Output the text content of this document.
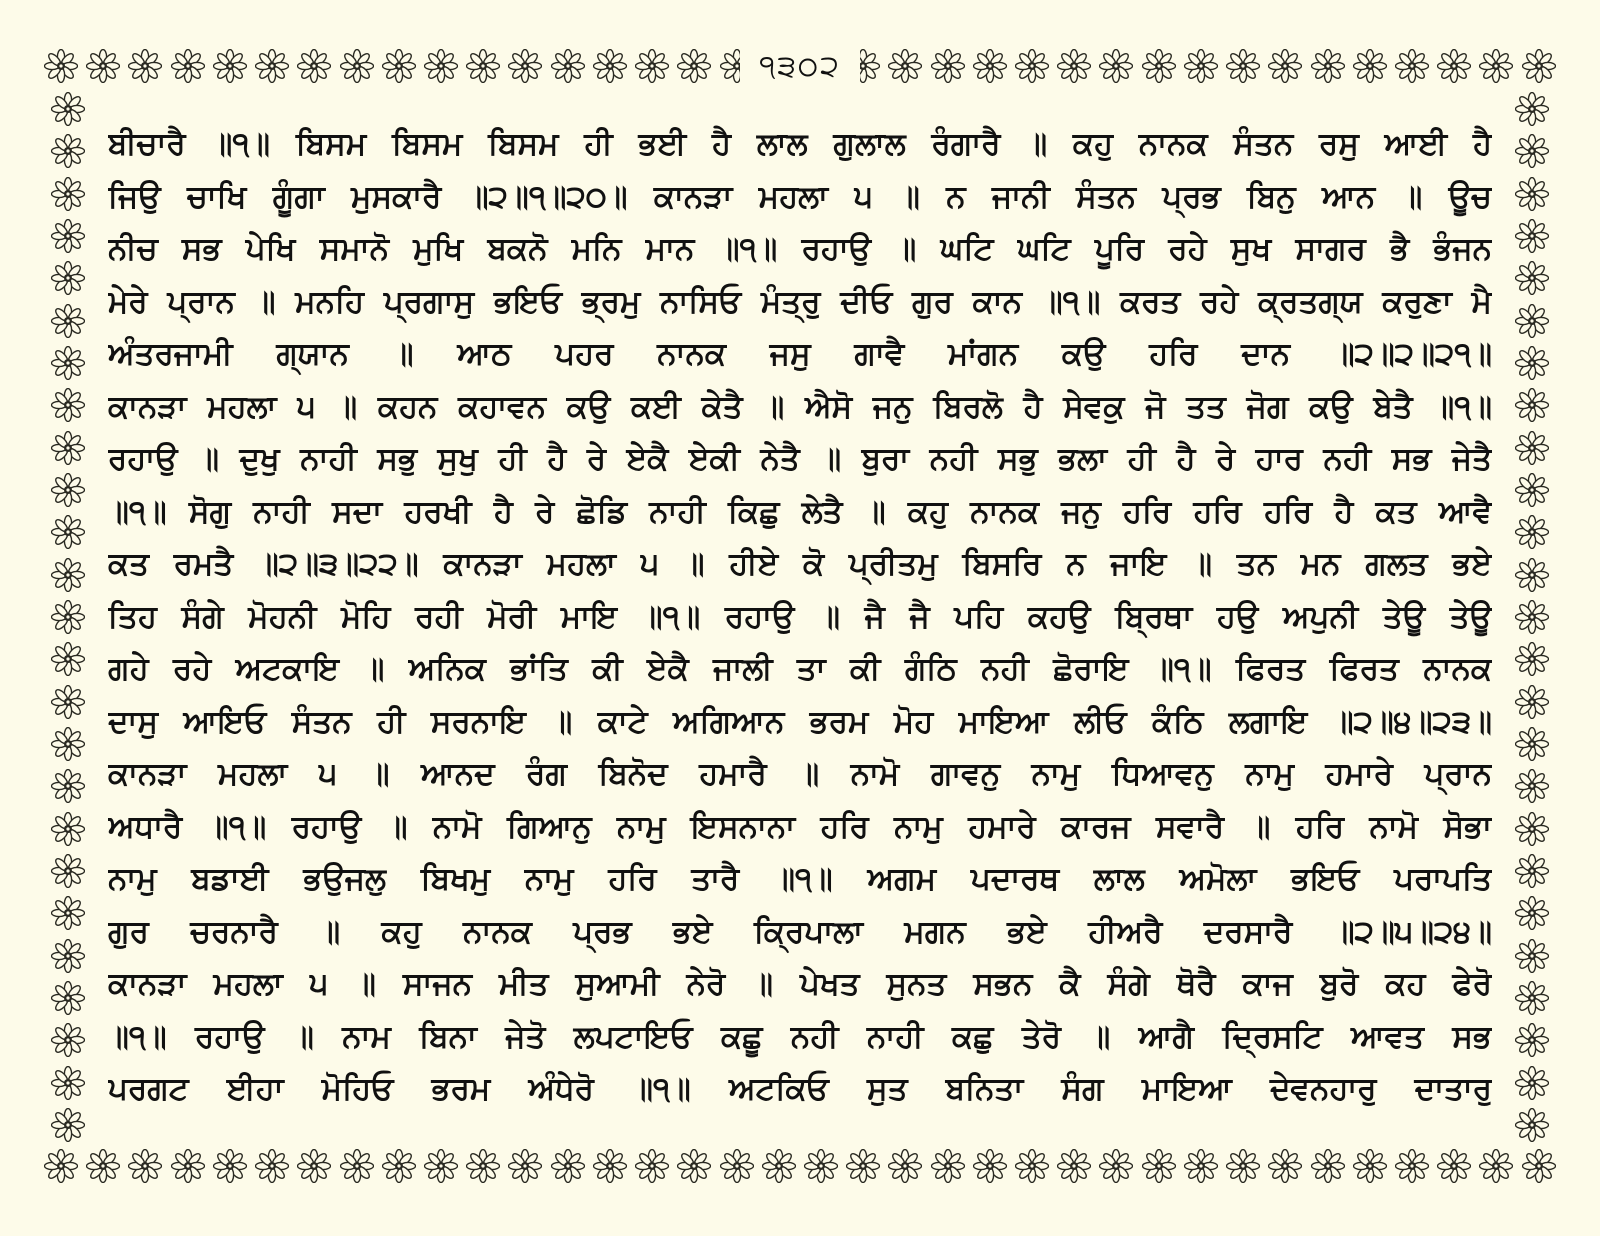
੧੩੦੨
ਬੀਚਾਰੈ ॥੧॥ ਬਿਸਮ ਬਿਸਮ ਬਿਸਮ ਹੀ ਭਈ ਹੈ ਲਾਲ ਗੁਲਾਲ ਰੰਗਾਰੈ ॥ ਕਹੁ ਨਾਨਕ ਸੰਤਨ ਰਸੁ ਆਈ ਹੈ
ਜਿਉ ਚਾਖਿ ਗੂੰਗਾ ਮੁਸਕਾਰੈ ॥੨॥੧॥੨੦॥ ਕਾਨੜਾ ਮਹਲਾ ੫ ॥ ਨ ਜਾਨੀ ਸੰਤਨ ਪ੍ਰਭ ਬਿਨੁ ਆਨ ॥ ਊਚ
ਨੀਚ ਸਭ ਪੇਖਿ ਸਮਾਨੋ ਮੁਖਿ ਬਕਨੋ ਮਨਿ ਮਾਨ ॥੧॥ ਰਹਾਉ ॥ ਘਟਿ ਘਟਿ ਪੂਰਿ ਰਹੇ ਸੁਖ ਸਾਗਰ ਭੈ ਭੰਜਨ
ਮੇਰੇ ਪ੍ਰਾਨ ॥ ਮਨਹਿ ਪ੍ਰਗਾਸੁ ਭਇਓ ਭ੍ਰਮੁ ਨਾਸਿਓ ਮੰਤ੍ਰੁ ਦੀਓ ਗੁਰ ਕਾਨ ॥੧॥ ਕਰਤ ਰਹੇ ਕ੍ਰਤਗ੍ਯ ਕਰੁਣਾ ਮੈ
ਅੰਤਰਜਾਮੀ ਗ੍ਯਾਨ ॥ ਆਠ ਪਹਰ ਨਾਨਕ ਜਸੁ ਗਾਵੈ ਮਾਂਗਨ ਕਉ ਹਰਿ ਦਾਨ ॥੨॥੨॥੨੧॥
ਕਾਨੜਾ ਮਹਲਾ ੫ ॥ ਕਹਨ ਕਹਾਵਨ ਕਉ ਕਈ ਕੇਤੈ ॥ ਐਸੋ ਜਨੁ ਬਿਰਲੋ ਹੈ ਸੇਵਕੁ ਜੋ ਤਤ ਜੋਗ ਕਉ ਬੇਤੈ ॥੧॥
ਰਹਾਉ ॥ ਦੁਖੁ ਨਾਹੀ ਸਭੁ ਸੁਖੁ ਹੀ ਹੈ ਰੇ ਏਕੈ ਏਕੀ ਨੇਤੈ ॥ ਬੁਰਾ ਨਹੀ ਸਭੁ ਭਲਾ ਹੀ ਹੈ ਰੇ ਹਾਰ ਨਹੀ ਸਭ ਜੇਤੈ
॥੧॥ ਸੋਗੁ ਨਾਹੀ ਸਦਾ ਹਰਖੀ ਹੈ ਰੇ ਛੋਡਿ ਨਾਹੀ ਕਿਛੁ ਲੇਤੈ ॥ ਕਹੁ ਨਾਨਕ ਜਨੁ ਹਰਿ ਹਰਿ ਹਰਿ ਹੈ ਕਤ ਆਵੈ
ਕਤ ਰਮਤੈ ॥੨॥੩॥੨੨॥ ਕਾਨੜਾ ਮਹਲਾ ੫ ॥ ਹੀਏ ਕੋ ਪ੍ਰੀਤਮੁ ਬਿਸਰਿ ਨ ਜਾਇ ॥ ਤਨ ਮਨ ਗਲਤ ਭਏ
ਤਿਹ ਸੰਗੇ ਮੋਹਨੀ ਮੋਹਿ ਰਹੀ ਮੋਰੀ ਮਾਇ ॥੧॥ ਰਹਾਉ ॥ ਜੈ ਜੈ ਪਹਿ ਕਹਉ ਬ੍ਰਿਥਾ ਹਉ ਅਪੁਨੀ ਤੇਊ ਤੇਊ
ਗਹੇ ਰਹੇ ਅਟਕਾਇ ॥ ਅਨਿਕ ਭਾਂਤਿ ਕੀ ਏਕੈ ਜਾਲੀ ਤਾ ਕੀ ਗੰਠਿ ਨਹੀ ਛੋਰਾਇ ॥੧॥ ਫਿਰਤ ਫਿਰਤ ਨਾਨਕ
ਦਾਸੁ ਆਇਓ ਸੰਤਨ ਹੀ ਸਰਨਾਇ ॥ ਕਾਟੇ ਅਗਿਆਨ ਭਰਮ ਮੋਹ ਮਾਇਆ ਲੀਓ ਕੰਠਿ ਲਗਾਇ ॥੨॥੪॥੨੩॥
ਕਾਨੜਾ ਮਹਲਾ ੫ ॥ ਆਨਦ ਰੰਗ ਬਿਨੋਦ ਹਮਾਰੈ ॥ ਨਾਮੋ ਗਾਵਨੁ ਨਾਮੁ ਧਿਆਵਨੁ ਨਾਮੁ ਹਮਾਰੇ ਪ੍ਰਾਨ
ਅਧਾਰੈ ॥੧॥ ਰਹਾਉ ॥ ਨਾਮੋ ਗਿਆਨੁ ਨਾਮੁ ਇਸਨਾਨਾ ਹਰਿ ਨਾਮੁ ਹਮਾਰੇ ਕਾਰਜ ਸਵਾਰੈ ॥ ਹਰਿ ਨਾਮੋ ਸੋਭਾ
ਨਾਮੁ ਬਡਾਈ ਭਉਜਲੁ ਬਿਖਮੁ ਨਾਮੁ ਹਰਿ ਤਾਰੈ ॥੧॥ ਅਗਮ ਪਦਾਰਥ ਲਾਲ ਅਮੋਲਾ ਭਇਓ ਪਰਾਪਤਿ
ਗੁਰ ਚਰਨਾਰੈ ॥ ਕਹੁ ਨਾਨਕ ਪ੍ਰਭ ਭਏ ਕ੍ਰਿਪਾਲਾ ਮਗਨ ਭਏ ਹੀਅਰੈ ਦਰਸਾਰੈ ॥੨॥੫॥੨੪॥
ਕਾਨੜਾ ਮਹਲਾ ੫ ॥ ਸਾਜਨ ਮੀਤ ਸੁਆਮੀ ਨੇਰੋ ॥ ਪੇਖਤ ਸੁਨਤ ਸਭਨ ਕੈ ਸੰਗੇ ਥੋਰੈ ਕਾਜ ਬੁਰੋ ਕਹ ਫੇਰੋ
॥੧॥ ਰਹਾਉ ॥ ਨਾਮ ਬਿਨਾ ਜੇਤੋ ਲਪਟਾਇਓ ਕਛੂ ਨਹੀ ਨਾਹੀ ਕਛੁ ਤੇਰੋ ॥ ਆਗੈ ਦ੍ਰਿਸਟਿ ਆਵਤ ਸਭ
ਪਰਗਟ ਈਹਾ ਮੋਹਿਓ ਭਰਮ ਅੰਧੇਰੋ ॥੧॥ ਅਟਕਿਓ ਸੁਤ ਬਨਿਤਾ ਸੰਗ ਮਾਇਆ ਦੇਵਨਹਾਰੁ ਦਾਤਾਰੁ
